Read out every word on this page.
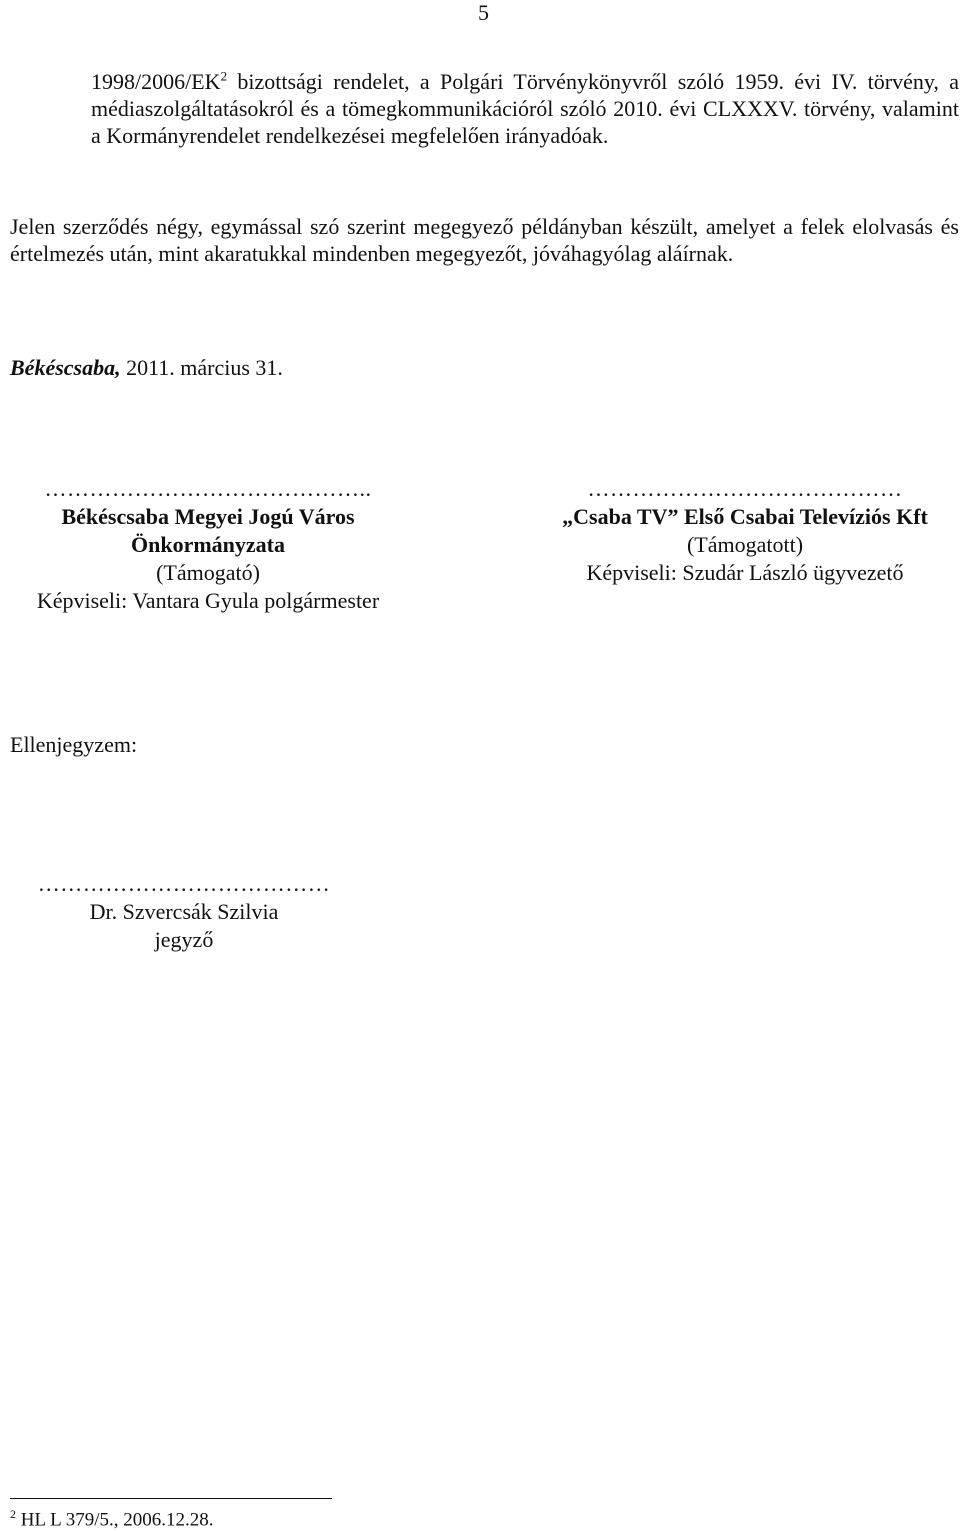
5

$1998/2006/EK^2$ bizottsági rendelet, a Polgári Törvénykönyvről szóló 1959. évi IV. törvény, a médiaszolgáltatásokról és a tömegkommunikációról szóló 2010. évi CLXXXV. törvény, valamint a Kormányrendelet rendelkezései megfelelően irányadóak.

Jelen szerződés négy, egymással szó szerint megegyező példányban készült, amelyet a felek elolvasás és értelmezés után, mint akaratukkal mindenben megegyezőt, jóváhagyólag aláírnak.

Békéscsaba, 2011. március 31.
……………………………………..
Békéscsaba Megyei Jogú Város
Önkormányzata
(Támogató)
Képviseli: Vantara Gyula polgármester
……………………………………
„Csaba TV” Első Csabai Televíziós Kft
(Támogatott)
Képviseli: Szudár László ügyvezető
Ellenjegyzem:
…………………………………
Dr. Szvercsák Szilvia
jegyző
$^2$ HL L 379/5., 2006.12.28.
